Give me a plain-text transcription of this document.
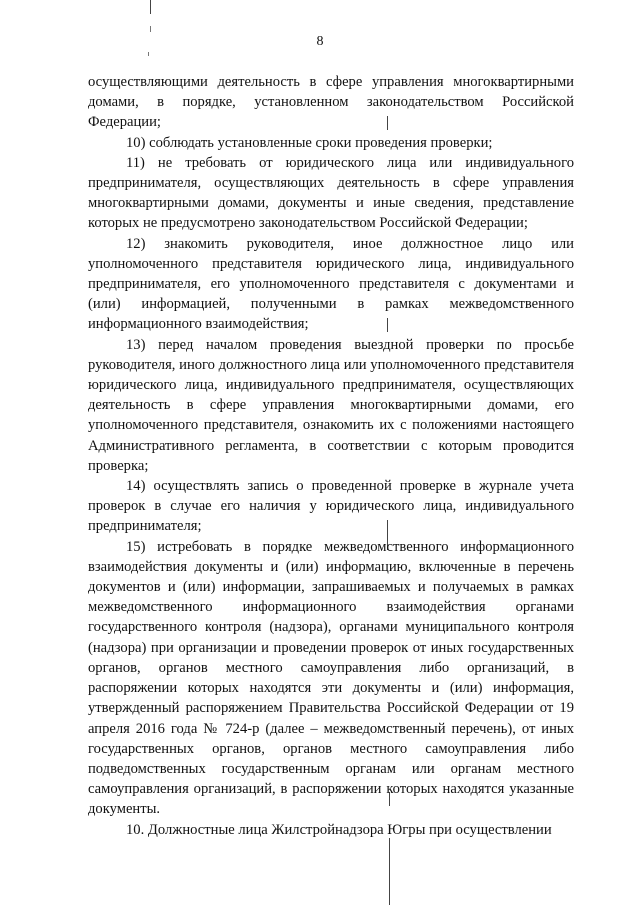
8

осуществляющими деятельность в сфере управления многоквартирными домами, в порядке, установленном законодательством Российской Федерации;

10) соблюдать установленные сроки проведения проверки;

11) не требовать от юридического лица или индивидуального предпринимателя, осуществляющих деятельность в сфере управления многоквартирными домами, документы и иные сведения, представление которых не предусмотрено законодательством Российской Федерации;

12) знакомить руководителя, иное должностное лицо или уполномоченного представителя юридического лица, индивидуального предпринимателя, его уполномоченного представителя с документами и (или) информацией, полученными в рамках межведомственного информационного взаимодействия;

13) перед началом проведения выездной проверки по просьбе руководителя, иного должностного лица или уполномоченного представителя юридического лица, индивидуального предпринимателя, осуществляющих деятельность в сфере управления многоквартирными домами, его уполномоченного представителя, ознакомить их с положениями настоящего Административного регламента, в соответствии с которым проводится проверка;

14) осуществлять запись о проведенной проверке в журнале учета проверок в случае его наличия у юридического лица, индивидуального предпринимателя;

15) истребовать в порядке межведомственного информационного взаимодействия документы и (или) информацию, включенные в перечень документов и (или) информации, запрашиваемых и получаемых в рамках межведомственного информационного взаимодействия органами государственного контроля (надзора), органами муниципального контроля (надзора) при организации и проведении проверок от иных государственных органов, органов местного самоуправления либо организаций, в распоряжении которых находятся эти документы и (или) информация, утвержденный распоряжением Правительства Российской Федерации от 19 апреля 2016 года № 724-р (далее – межведомственный перечень), от иных государственных органов, органов местного самоуправления либо подведомственных государственным органам или органам местного самоуправления организаций, в распоряжении которых находятся указанные документы.

10. Должностные лица Жилстройнадзора Югры при осуществлении
